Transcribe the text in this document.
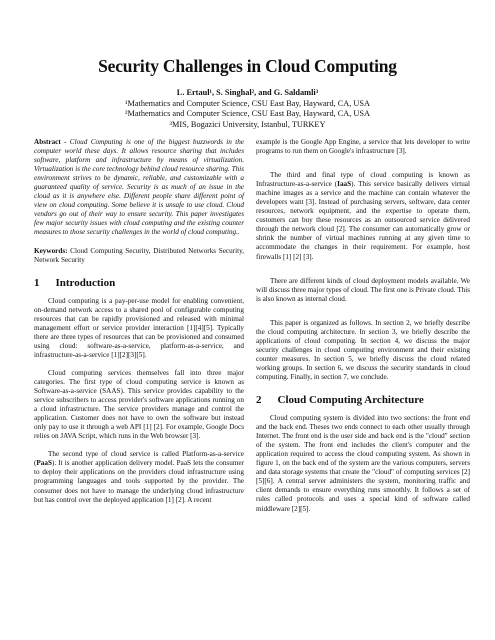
Security Challenges in Cloud Computing
L. Ertaul¹, S. Singhal², and G. Saldamli³
¹Mathematics and Computer Science, CSU East Bay, Hayward, CA, USA
²Mathematics and Computer Science, CSU East Bay, Hayward, CA, USA
³MIS, Bogazici University, Istanbul, TURKEY

Abstract - Cloud Computing is one of the biggest buzzwords in the computer world these days. It allows resource sharing that includes software, platform and infrastructure by means of virtualization. Virtualization is the core technology behind cloud resource sharing. This environment strives to be dynamic, reliable, and customizable with a guaranteed quality of service. Security is as much of an issue in the cloud as it is anywhere else. Different people share different point of view on cloud computing. Some believe it is unsafe to use cloud. Cloud vendors go out of their way to ensure security. This paper investigates few major security issues with cloud computing and the existing counter measures to those security challenges in the world of cloud computing..

Keywords: Cloud Computing Security, Distributed Networks Security, Network Security

1 Introduction

Cloud computing is a pay-per-use model for enabling convenient, on-demand network access to a shared pool of configurable computing resources that can be rapidly provisioned and released with minimal management effort or service provider interaction [1][4][5]. Typically there are three types of resources that can be provisioned and consumed using cloud: software-as-a-service, platform-as-a-service, and infrastructure-as-a-service [1][2][3][5].

Cloud computing services themselves fall into three major categories. The first type of cloud computing service is known as Software-as-a-service (SAAS). This service provides capability to the service subscribers to access provider's software applications running on a cloud infrastructure. The service providers manage and control the application. Customer does not have to own the software but instead only pay to use it through a web API [1] [2]. For example, Google Docs relies on JAVA Script, which runs in the Web browser [3].

The second type of cloud service is called Platform-as-a-service (PaaS). It is another application delivery model. PaaS lets the consumer to deploy their applications on the providers cloud infrastructure using programming languages and tools supported by the provider. The consumer does not have to manage the underlying cloud infrastructure but has control over the deployed application [1] [2]. A recent

example is the Google App Engine, a service that lets developer to write programs to run them on Google's infrastructure [3].

The third and final type of cloud computing is known as Infrastructure-as-a-service (IaaS). This service basically delivers virtual machine images as a service and the machine can contain whatever the developers want [3]. Instead of purchasing servers, software, data center resources, network equipment, and the expertise to operate them, customers can buy these resources as an outsourced service delivered through the network cloud [2]. The consumer can automatically grow or shrink the number of virtual machines running at any given time to accommodate the changes in their requirement. For example, host firewalls [1] [2] [3].

There are different kinds of cloud deployment models available. We will discuss three major types of cloud. The first one is Private cloud. This is also known as internal cloud.

This paper is organized as follows. In section 2, we briefly describe the cloud computing architecture. In section 3, we briefly describe the applications of cloud computing. In section 4, we discuss the major security challenges in cloud computing environment and their existing counter measures. In section 5, we briefly discuss the cloud related working groups. In section 6, we discuss the security standards in cloud computing. Finally, in section 7, we conclude.

2 Cloud Computing Architecture

Cloud computing system is divided into two sections: the front end and the back end. Theses two ends connect to each other usually through Internet. The front end is the user side and back end is the "cloud" section of the system. The front end includes the client's computer and the application required to access the cloud computing system. As shown in figure 1, on the back end of the system are the various computers, servers and data storage systems that create the "cloud" of computing services [2][5][6]. A central server administers the system, monitoring traffic and client demands to ensure everything runs smoothly. It follows a set of rules called protocols and uses a special kind of software called middleware [2][5].
